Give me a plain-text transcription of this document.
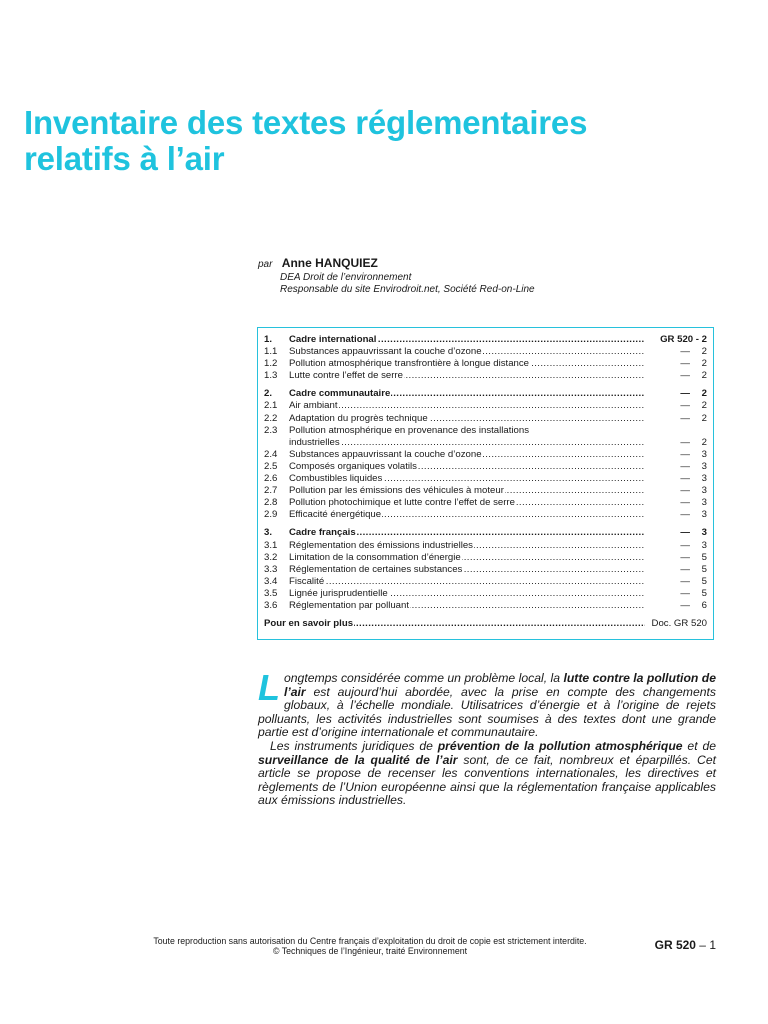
Inventaire des textes réglementaires
relatifs à l’air
par Anne HANQUIEZ
DEA Droit de l’environnement
Responsable du site Envirodroit.net, Société Red-on-Line
1.	Cadre international .....	GR 520 - 2
1.1	Substances appauvrissant la couche d’ozone .....	—	2
1.2	Pollution atmosphérique transfrontière à longue distance .....	—	2
1.3	Lutte contre l’effet de serre .....	—	2
2.	Cadre communautaire .....	—	2
2.1	Air ambiant .....	—	2
2.2	Adaptation du progrès technique .....	—	2
2.3	Pollution atmosphérique en provenance des installations
industrielles .....	—	2
2.4	Substances appauvrissant la couche d’ozone .....	—	3
2.5	Composés organiques volatils .....	—	3
2.6	Combustibles liquides .....	—	3
2.7	Pollution par les émissions des véhicules à moteur .....	—	3
2.8	Pollution photochimique et lutte contre l’effet de serre .....	—	3
2.9	Efficacité énergétique .....	—	3
3.	Cadre français .....	—	3
3.1	Réglementation des émissions industrielles .....	—	3
3.2	Limitation de la consommation d’énergie .....	—	5
3.3	Réglementation de certaines substances .....	—	5
3.4	Fiscalité .....	—	5
3.5	Lignée jurisprudentielle .....	—	5
3.6	Réglementation par polluant .....	—	6
Pour en savoir plus .....	Doc. GR 520

Longtemps considérée comme un problème local, la lutte contre la pollution de l’air est aujourd’hui abordée, avec la prise en compte des changements globaux, à l’échelle mondiale. Utilisatrices d’énergie et à l’origine de rejets polluants, les activités industrielles sont soumises à des textes dont une grande partie est d’origine internationale et communautaire.

Les instruments juridiques de prévention de la pollution atmosphérique et de surveillance de la qualité de l’air sont, de ce fait, nombreux et éparpillés. Cet article se propose de recenser les conventions internationales, les directives et règlements de l’Union européenne ainsi que la réglementation française applicables aux émissions industrielles.

Toute reproduction sans autorisation du Centre français d’exploitation du droit de copie est strictement interdite.
© Techniques de l’Ingénieur, traité Environnement	GR 520 – 1
